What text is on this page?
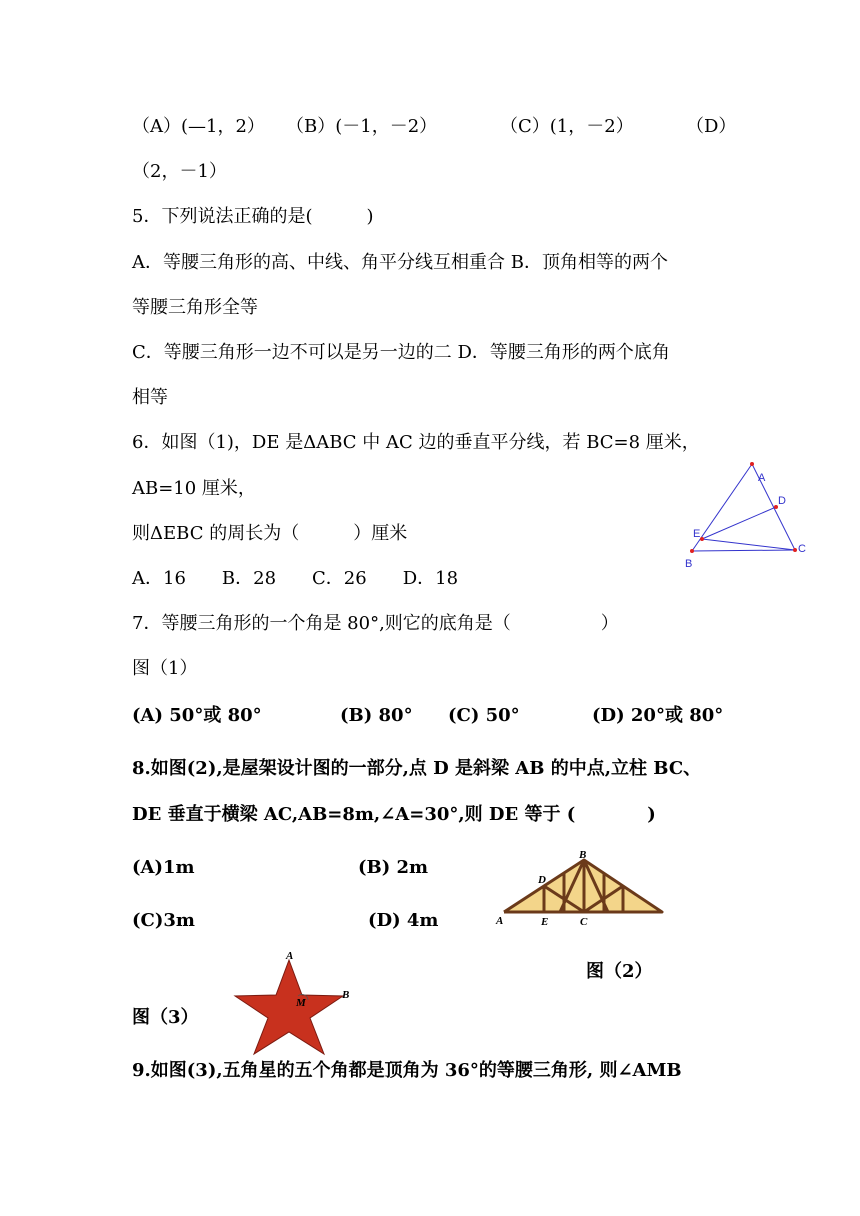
（A）(—1，2） （B）(－1，－2）	（C）(1，－2）	（D）
（2，－1）
5．下列说法正确的是(　　　)
A．等腰三角形的高、中线、角平分线互相重合 B．顶角相等的两个
等腰三角形全等
C．等腰三角形一边不可以是另一边的二 D．等腰三角形的两个底角
相等
6．如图（1)，DE 是ΔABC 中 AC 边的垂直平分线，若 BC=8 厘米，
AB=10 厘米，
则ΔEBC 的周长为（　　　）厘米
A．16　　B．28　　C．26　　D．18
A
B
C
D
E
7．等腰三角形的一个角是 80°,则它的底角是（　　　　　）
图（1）
(A) 50°或 80°	(B) 80° (C) 50°	(D) 20°或 80°
8.如图(2),是屋架设计图的一部分,点 D 是斜梁 AB 的中点,立柱 BC、
DE 垂直于横梁 AC,AB=8m,∠A=30°,则 DE 等于 (　　　　)
(A)1m	(B) 2m
(C)3m	(D) 4m	A
B
C
D
E
图（2）
A
B
M
图（3）
9.如图(3),五角星的五个角都是顶角为 36°的等腰三角形, 则∠AMB
